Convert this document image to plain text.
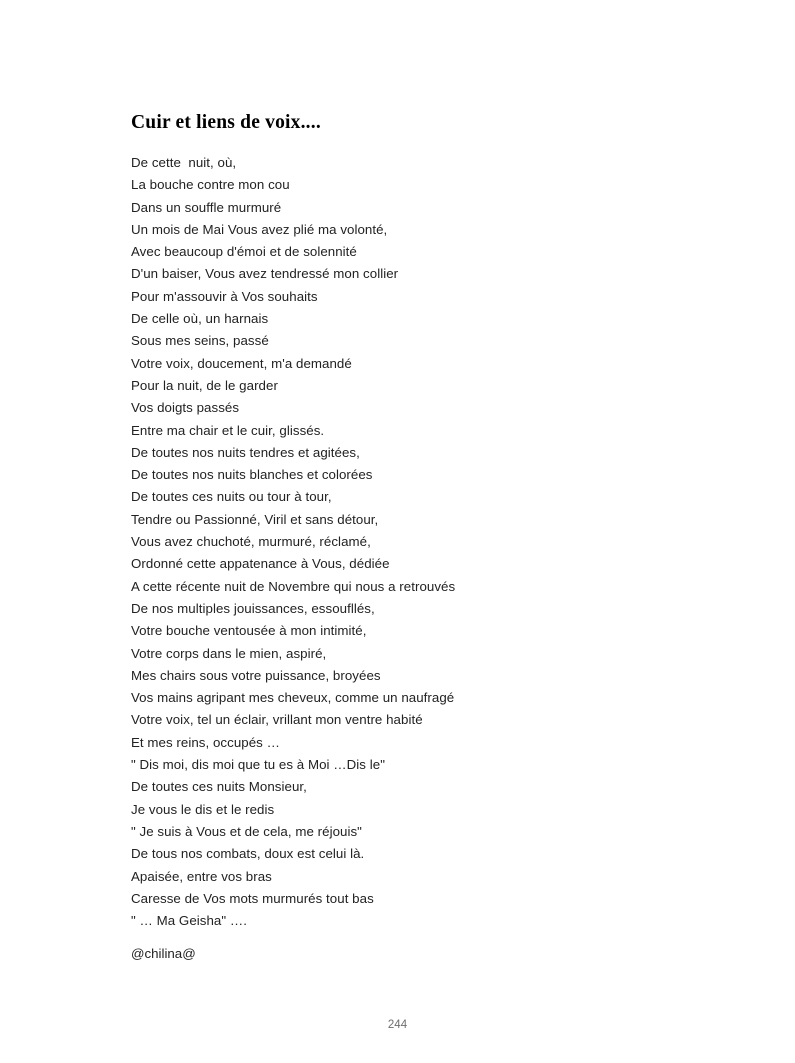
Cuir et liens de voix....
De cette  nuit, où,
La bouche contre mon cou
Dans un souffle murmuré
Un mois de Mai Vous avez plié ma volonté,
Avec beaucoup d'émoi et de solennité
D'un baiser, Vous avez tendressé mon collier
Pour m'assouvir à Vos souhaits
De celle où, un harnais
Sous mes seins, passé
Votre voix, doucement, m'a demandé
Pour la nuit, de le garder
Vos doigts passés
Entre ma chair et le cuir, glissés.
De toutes nos nuits tendres et agitées,
De toutes nos nuits blanches et colorées
De toutes ces nuits ou tour à tour,
Tendre ou Passionné, Viril et sans détour,
Vous avez chuchoté, murmuré, réclamé,
Ordonné cette appatenance à Vous, dédiée
A cette récente nuit de Novembre qui nous a retrouvés
De nos multiples jouissances, essoufllés,
Votre bouche ventousée à mon intimité,
Votre corps dans le mien, aspiré,
Mes chairs sous votre puissance, broyées
Vos mains agripant mes cheveux, comme un naufragé
Votre voix, tel un éclair, vrillant mon ventre habité
Et mes reins, occupés …
" Dis moi, dis moi que tu es à Moi …Dis le"
De toutes ces nuits Monsieur,
Je vous le dis et le redis
" Je suis à Vous et de cela, me réjouis"
De tous nos combats, doux est celui là.
Apaisée, entre vos bras
Caresse de Vos mots murmurés tout bas
" … Ma Geisha" ….
@chilina@
244
